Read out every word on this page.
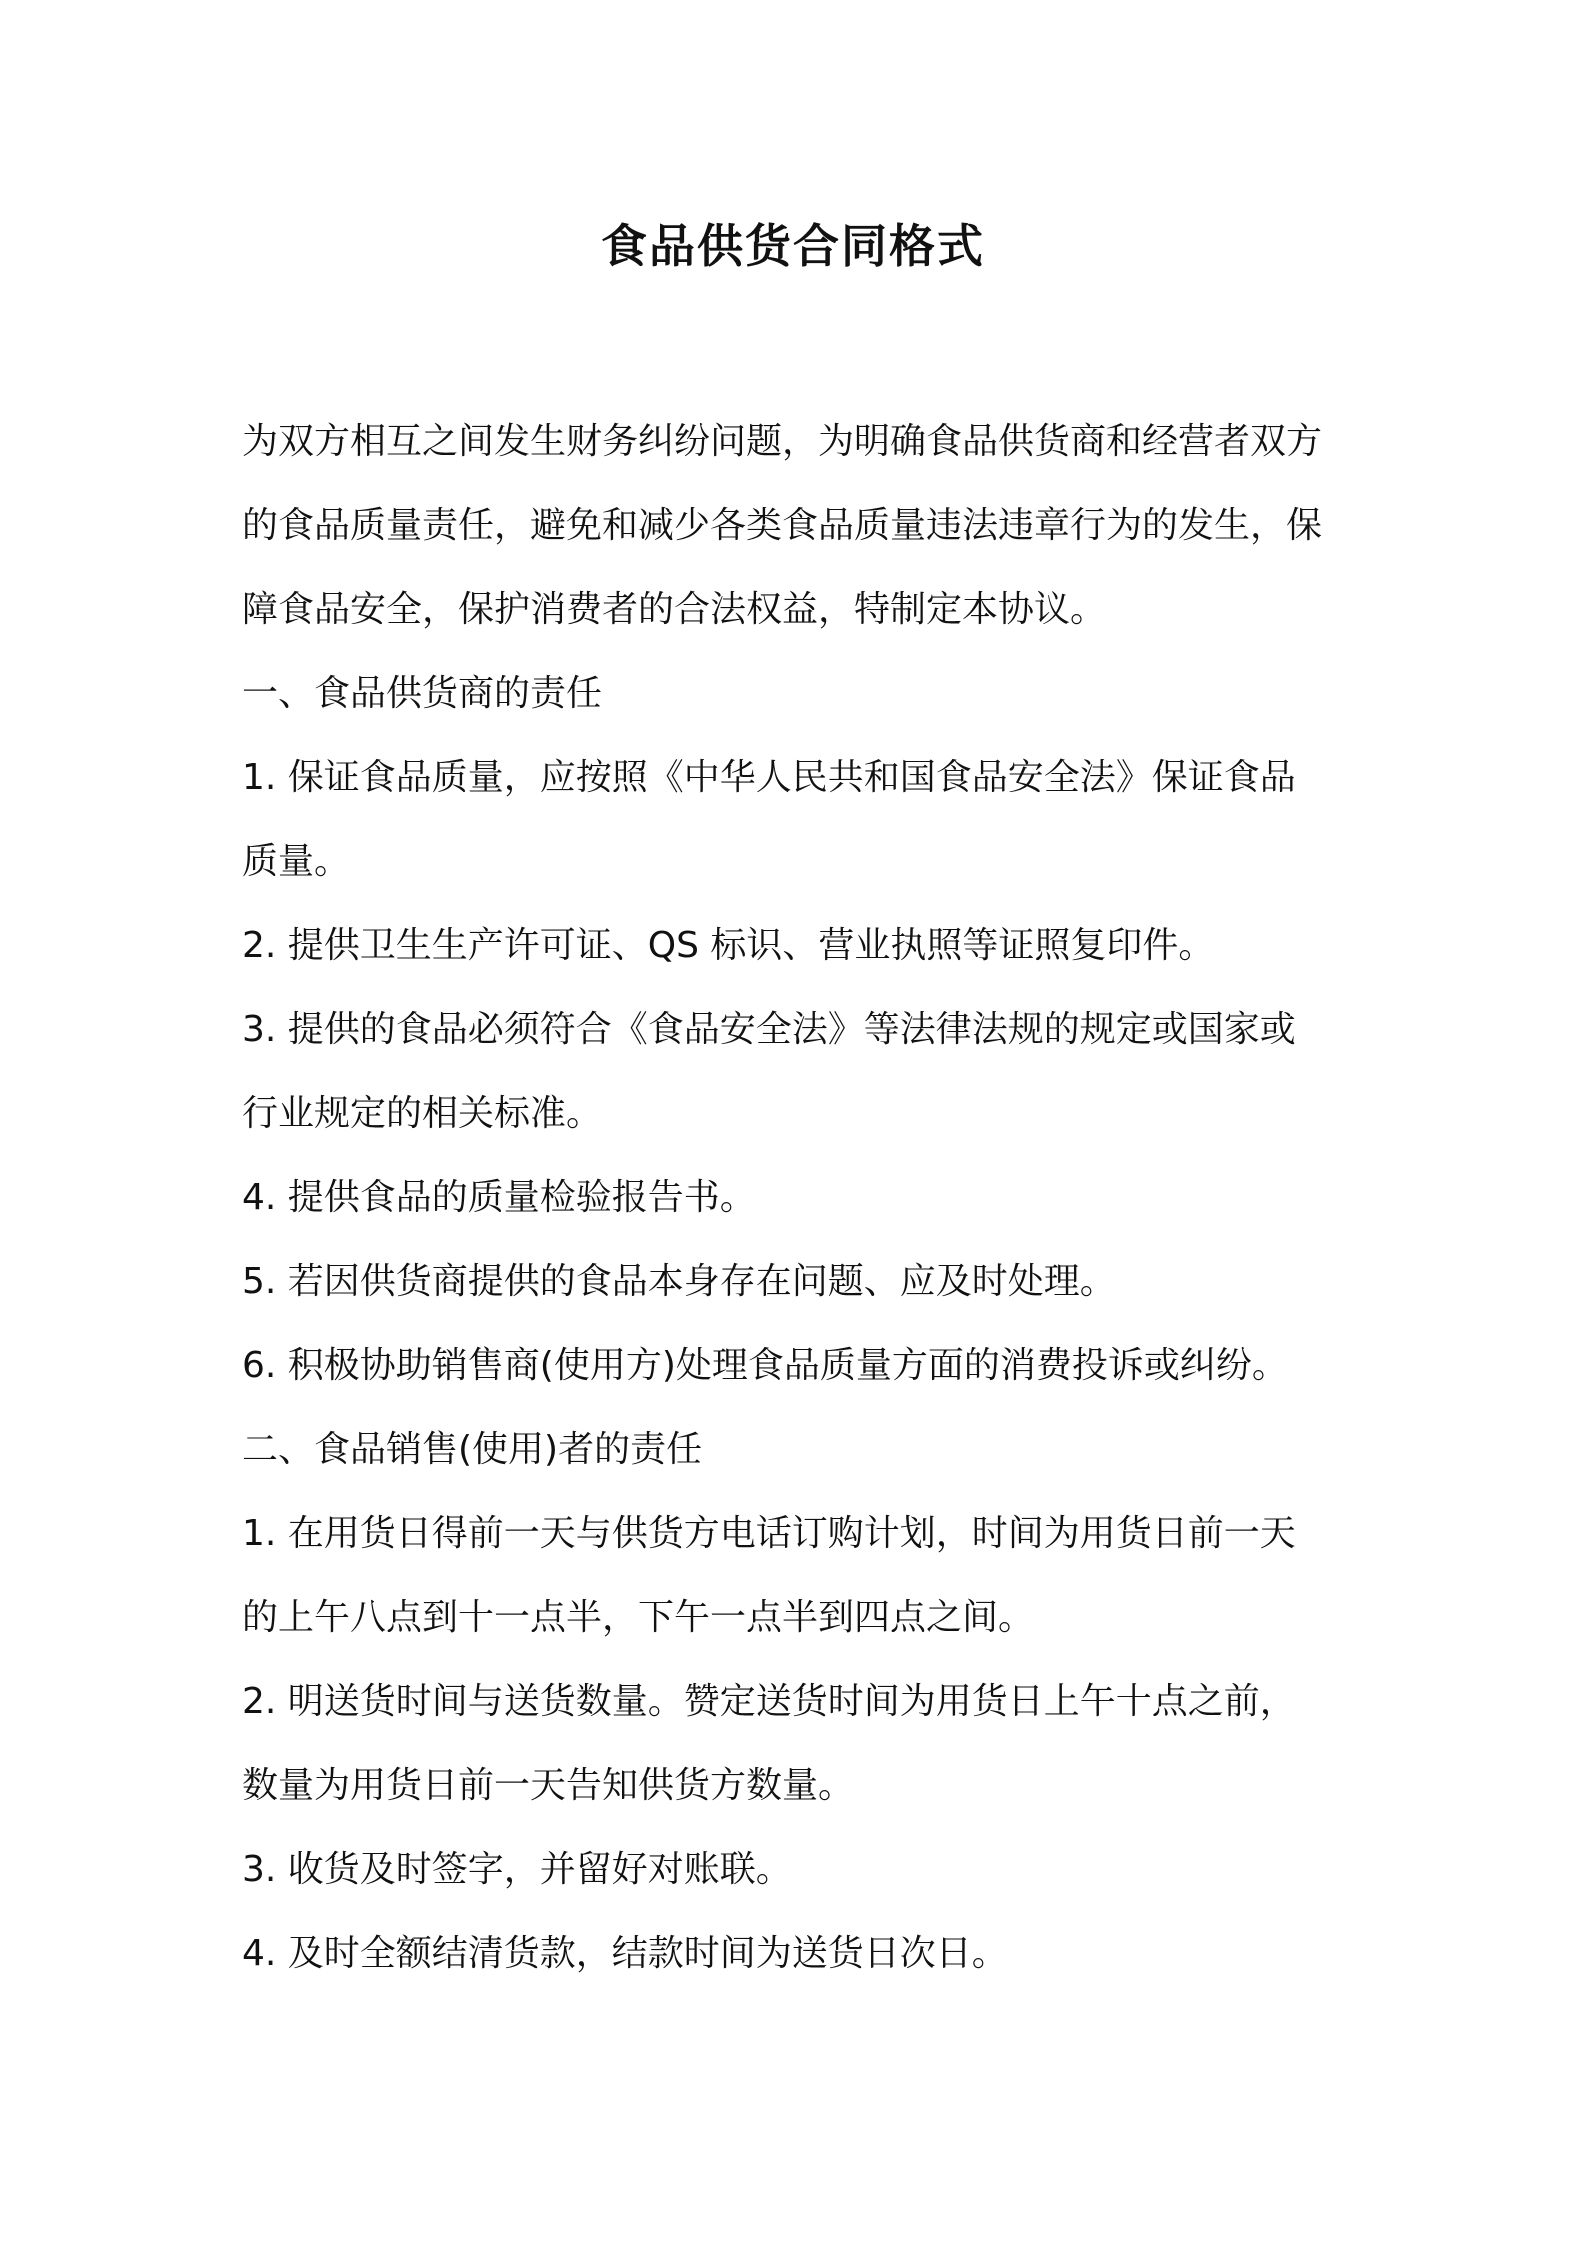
食品供货合同格式

为双方相互之间发生财务纠纷问题，为明确食品供货商和经营者双方
的食品质量责任，避免和减少各类食品质量违法违章行为的发生，保
障食品安全，保护消费者的合法权益，特制定本协议。

一、食品供货商的责任

1. 保证食品质量，应按照《中华人民共和国食品安全法》保证食品
质量。

2. 提供卫生生产许可证、QS 标识、营业执照等证照复印件。

3. 提供的食品必须符合《食品安全法》等法律法规的规定或国家或
行业规定的相关标准。

4. 提供食品的质量检验报告书。

5. 若因供货商提供的食品本身存在问题、应及时处理。

6. 积极协助销售商(使用方)处理食品质量方面的消费投诉或纠纷。

二、食品销售(使用)者的责任

1. 在用货日得前一天与供货方电话订购计划，时间为用货日前一天
的上午八点到十一点半，下午一点半到四点之间。

2. 明送货时间与送货数量。赞定送货时间为用货日上午十点之前，
数量为用货日前一天告知供货方数量。

3. 收货及时签字，并留好对账联。

4. 及时全额结清货款，结款时间为送货日次日。
